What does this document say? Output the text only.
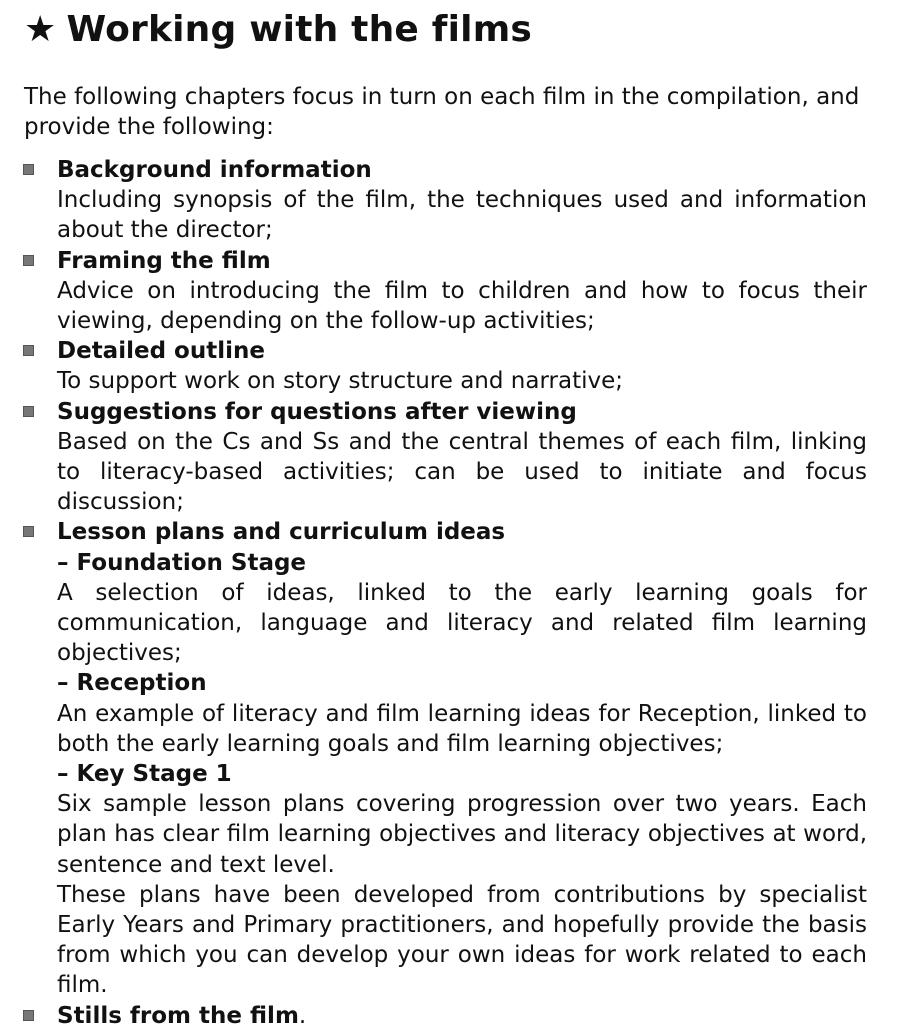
★ Working with the films
The following chapters focus in turn on each film in the compilation, and provide the following:
Background information
Including synopsis of the film, the techniques used and information about the director;
Framing the film
Advice on introducing the film to children and how to focus their viewing, depending on the follow-up activities;
Detailed outline
To support work on story structure and narrative;
Suggestions for questions after viewing
Based on the Cs and Ss and the central themes of each film, linking to literacy-based activities; can be used to initiate and focus discussion;
Lesson plans and curriculum ideas
– Foundation Stage
A selection of ideas, linked to the early learning goals for communication, language and literacy and related film learning objectives;
– Reception
An example of literacy and film learning ideas for Reception, linked to both the early learning goals and film learning objectives;
– Key Stage 1
Six sample lesson plans covering progression over two years. Each plan has clear film learning objectives and literacy objectives at word, sentence and text level.
These plans have been developed from contributions by specialist Early Years and Primary practitioners, and hopefully provide the basis from which you can develop your own ideas for work related to each film.
Stills from the film.
